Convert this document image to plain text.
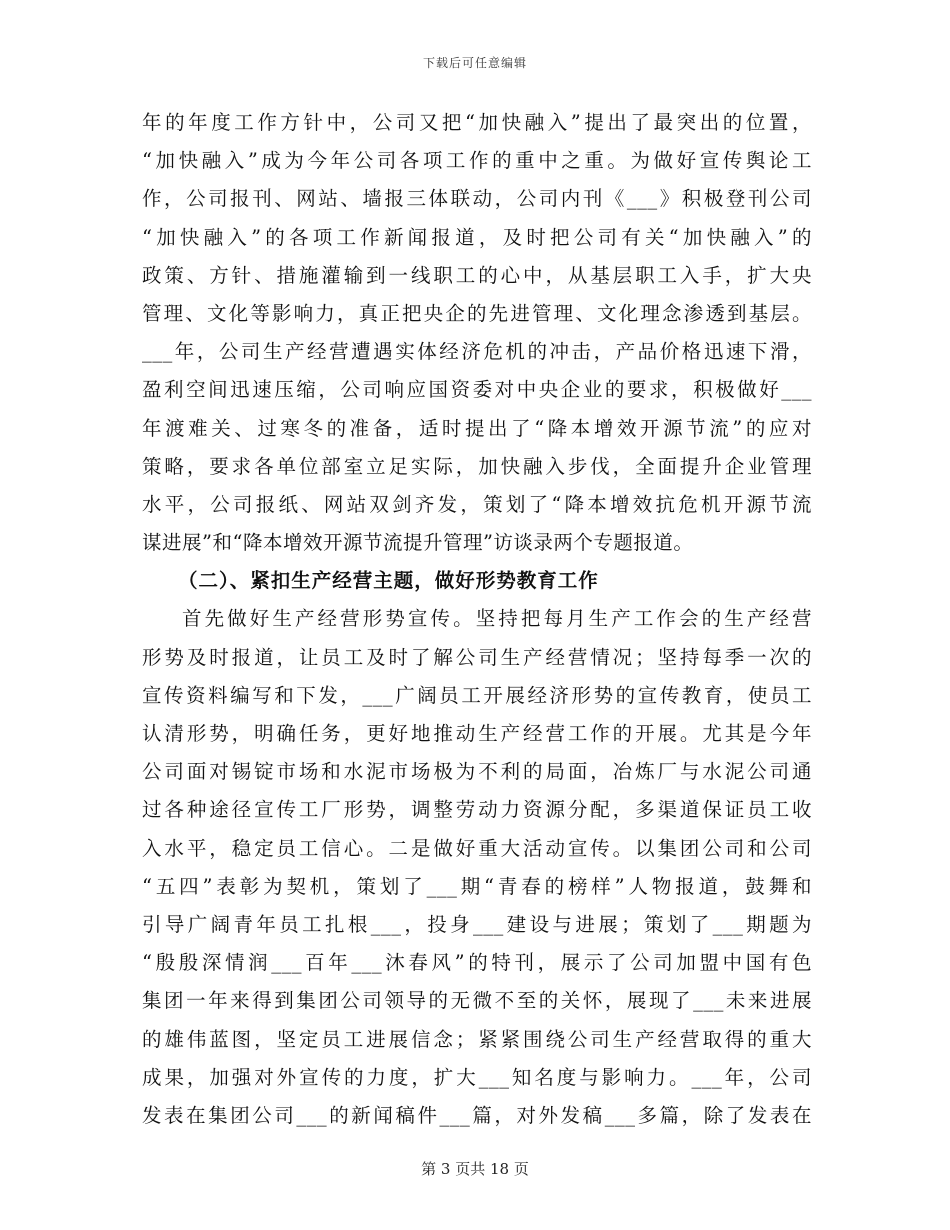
下载后可任意编辑
年的年度工作方针中，公司又把“加快融入”提出了最突出的位置，
“加快融入”成为今年公司各项工作的重中之重。为做好宣传舆论工
作，公司报刊、网站、墙报三体联动，公司内刊《___》积极登刊公司
“加快融入”的各项工作新闻报道，及时把公司有关“加快融入”的
政策、方针、措施灌输到一线职工的心中，从基层职工入手，扩大央
管理、文化等影响力，真正把央企的先进管理、文化理念渗透到基层。
___年，公司生产经营遭遇实体经济危机的冲击，产品价格迅速下滑，
盈利空间迅速压缩，公司响应国资委对中央企业的要求，积极做好___
年渡难关、过寒冬的准备，适时提出了“降本增效开源节流”的应对
策略，要求各单位部室立足实际，加快融入步伐，全面提升企业管理
水平，公司报纸、网站双剑齐发，策划了“降本增效抗危机开源节流
谋进展”和“降本增效开源节流提升管理”访谈录两个专题报道。
（二）、紧扣生产经营主题，做好形势教育工作
首先做好生产经营形势宣传。坚持把每月生产工作会的生产经营
形势及时报道，让员工及时了解公司生产经营情况；坚持每季一次的
宣传资料编写和下发，___广阔员工开展经济形势的宣传教育，使员工
认清形势，明确任务，更好地推动生产经营工作的开展。尤其是今年
公司面对锡锭市场和水泥市场极为不利的局面，冶炼厂与水泥公司通
过各种途径宣传工厂形势，调整劳动力资源分配，多渠道保证员工收
入水平，稳定员工信心。二是做好重大活动宣传。以集团公司和公司
“五四”表彰为契机，策划了___期“青春的榜样”人物报道，鼓舞和
引导广阔青年员工扎根___，投身___建设与进展；策划了___期题为
“殷殷深情润___百年___沐春风”的特刊，展示了公司加盟中国有色
集团一年来得到集团公司领导的无微不至的关怀，展现了___未来进展
的雄伟蓝图，坚定员工进展信念；紧紧围绕公司生产经营取得的重大
成果，加强对外宣传的力度，扩大___知名度与影响力。___年，公司
发表在集团公司___的新闻稿件___篇，对外发稿___多篇，除了发表在
第 3 页共 18 页
